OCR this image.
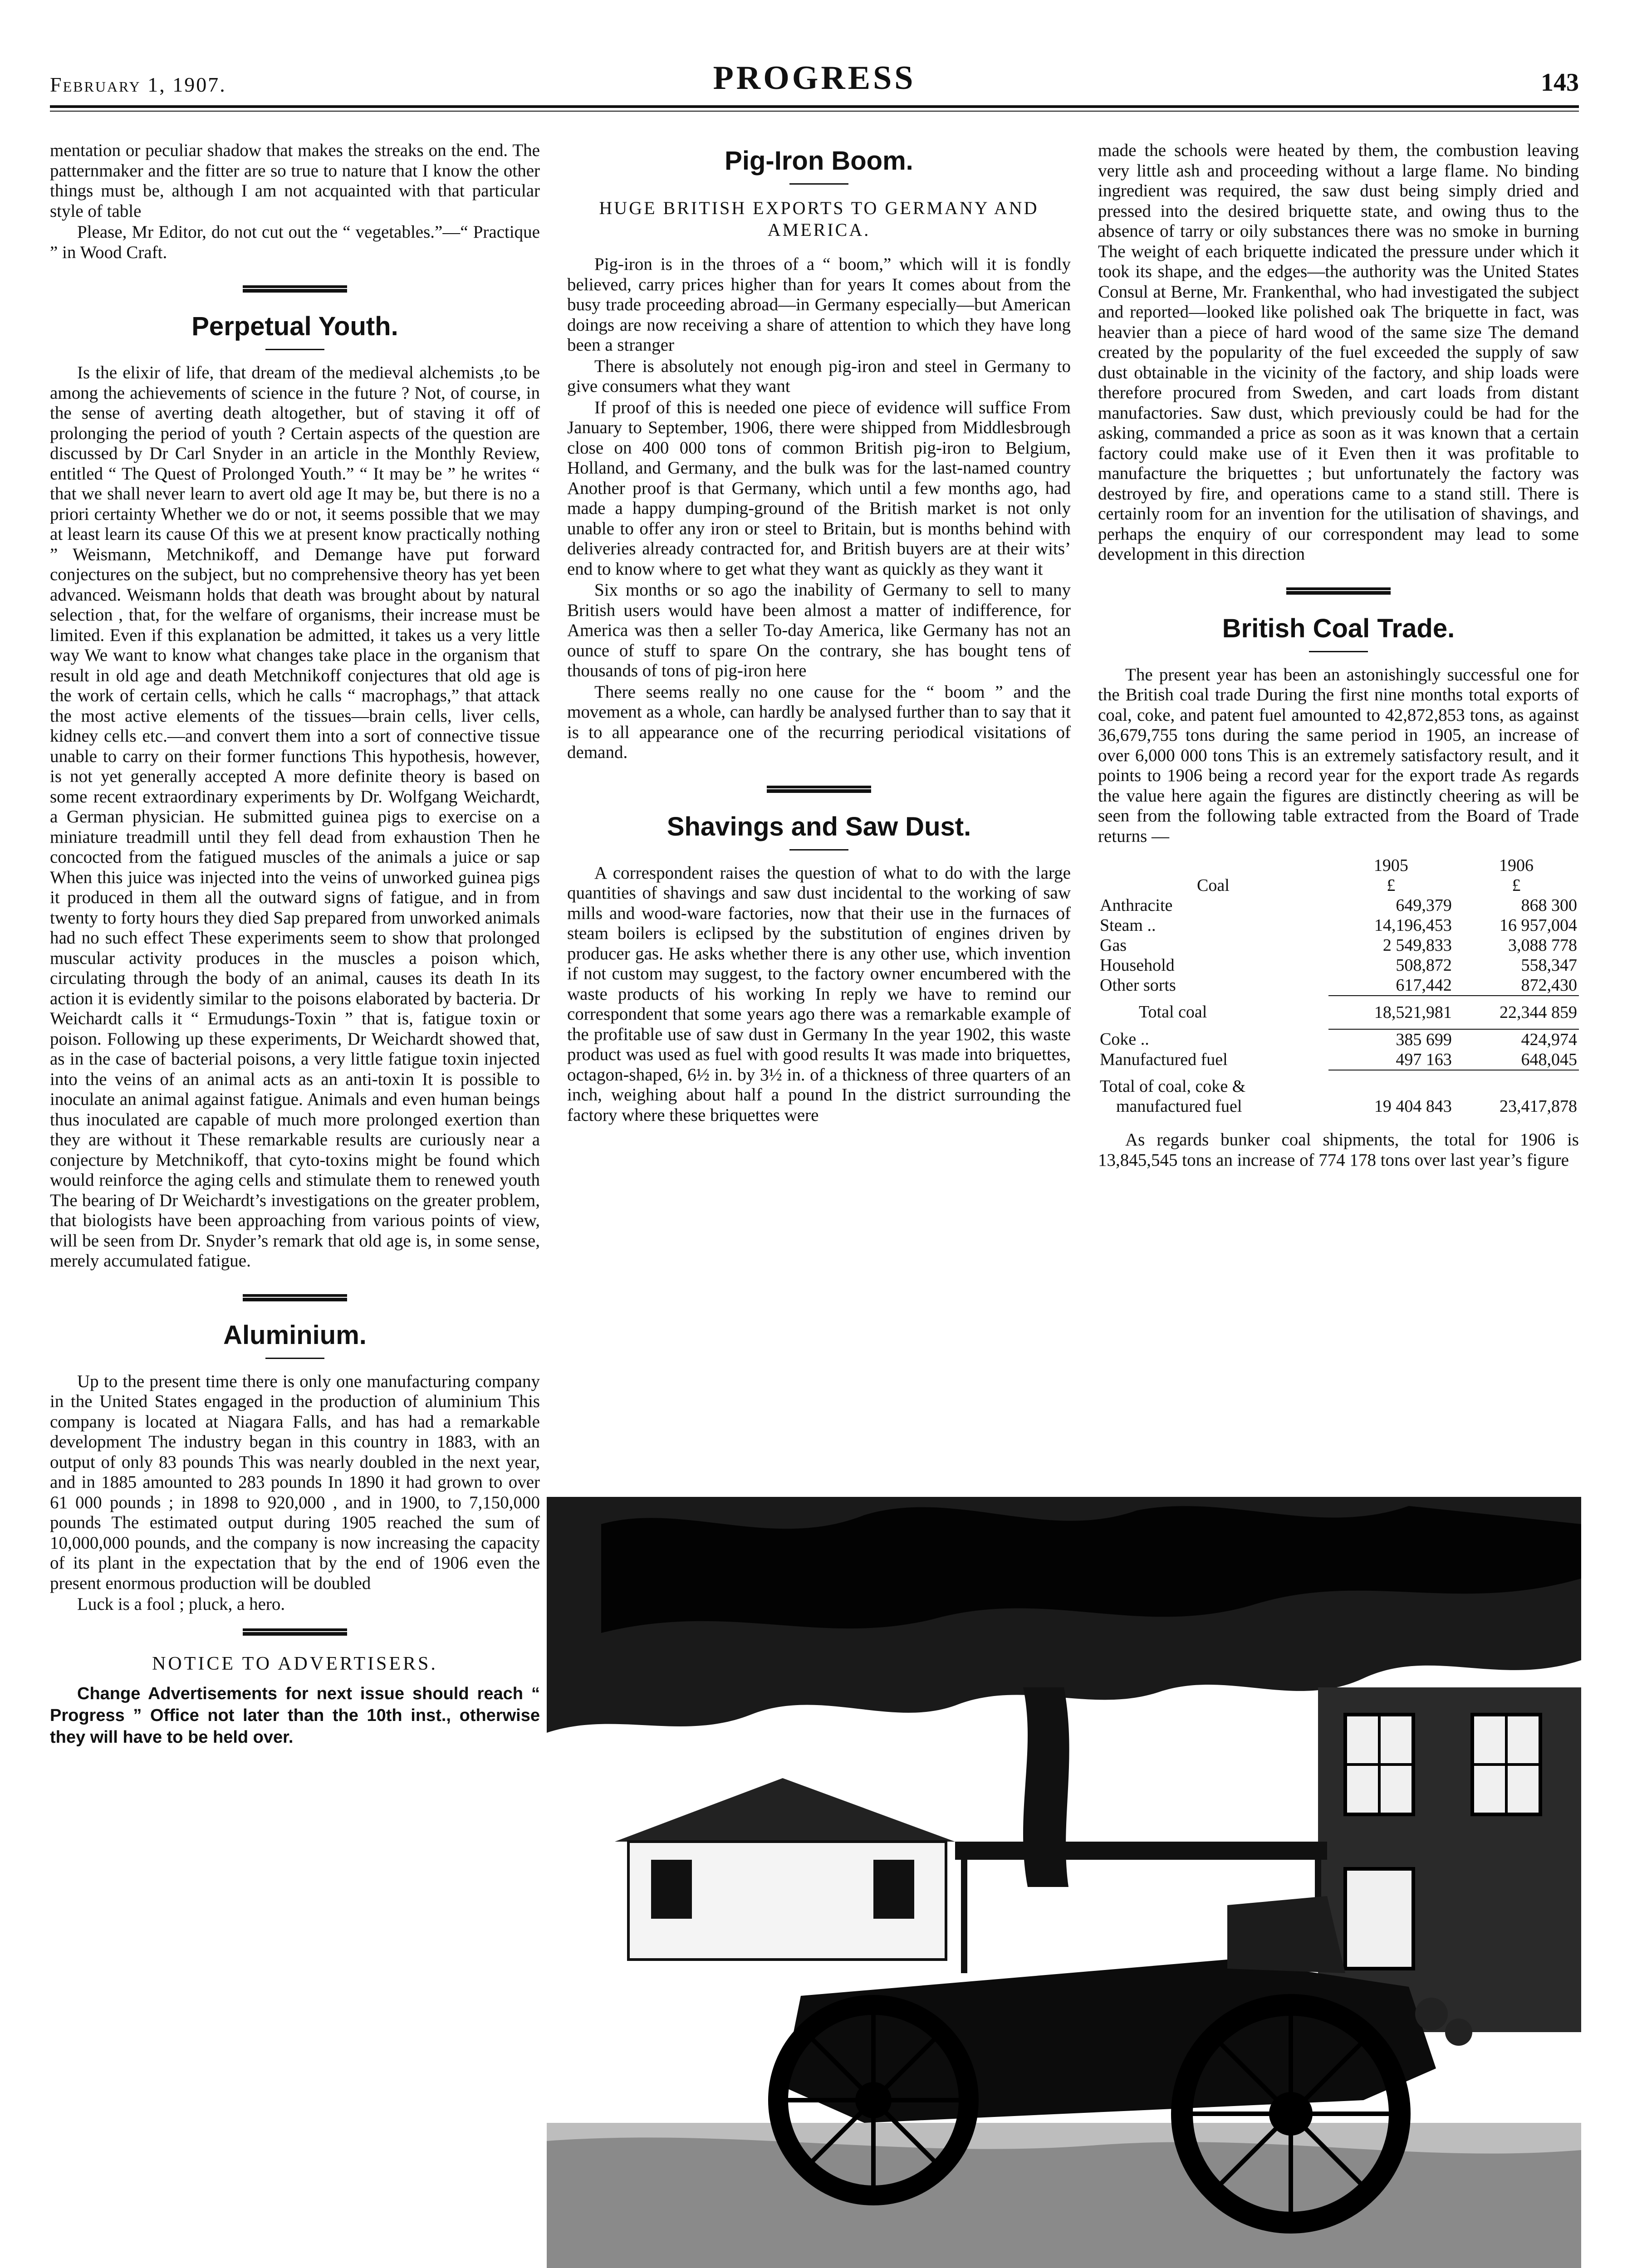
February 1, 1907.	PROGRESS	143

mentation or peculiar shadow that makes the streaks on the end. The patternmaker and the fitter are so true to nature that I know the other things must be, although I am not acquainted with that particular style of table

Please, Mr Editor, do not cut out the “ vegetables.”—“ Practique ” in Wood Craft.

Perpetual Youth.

Is the elixir of life, that dream of the medieval alchemists ,to be among the achievements of science in the future ? Not, of course, in the sense of averting death altogether, but of staving it off of prolonging the period of youth ? Certain aspects of the question are discussed by Dr Carl Snyder in an article in the Monthly Review, entitled “ The Quest of Prolonged Youth.” “ It may be ” he writes “ that we shall never learn to avert old age It may be, but there is no a priori certainty Whether we do or not, it seems possible that we may at least learn its cause Of this we at present know practically nothing ” Weismann, Metchnikoff, and Demange have put forward conjectures on the subject, but no comprehensive theory has yet been advanced. Weismann holds that death was brought about by natural selection , that, for the welfare of organisms, their increase must be limited. Even if this explanation be admitted, it takes us a very little way We want to know what changes take place in the organism that result in old age and death Metchnikoff conjectures that old age is the work of certain cells, which he calls “ macrophags,” that attack the most active elements of the tissues—brain cells, liver cells, kidney cells etc.—and convert them into a sort of connective tissue unable to carry on their former functions This hypothesis, however, is not yet generally accepted A more definite theory is based on some recent extraordinary experiments by Dr. Wolfgang Weichardt, a German physician. He submitted guinea pigs to exercise on a miniature treadmill until they fell dead from exhaustion Then he concocted from the fatigued muscles of the animals a juice or sap When this juice was injected into the veins of unworked guinea pigs it produced in them all the outward signs of fatigue, and in from twenty to forty hours they died Sap prepared from unworked animals had no such effect These experiments seem to show that prolonged muscular activity produces in the muscles a poison which, circulating through the body of an animal, causes its death In its action it is evidently similar to the poisons elaborated by bacteria. Dr Weichardt calls it “ Ermudungs-Toxin ” that is, fatigue toxin or poison. Following up these experiments, Dr Weichardt showed that, as in the case of bacterial poisons, a very little fatigue toxin injected into the veins of an animal acts as an anti-toxin It is possible to inoculate an animal against fatigue. Animals and even human beings thus inoculated are capable of much more prolonged exertion than they are without it These remarkable results are curiously near a conjecture by Metchnikoff, that cyto-toxins might be found which would reinforce the aging cells and stimulate them to renewed youth The bearing of Dr Weichardt’s investigations on the greater problem, that biologists have been approaching from various points of view, will be seen from Dr. Snyder’s remark that old age is, in some sense, merely accumulated fatigue.

Aluminium.

Up to the present time there is only one manufacturing company in the United States engaged in the production of aluminium This company is located at Niagara Falls, and has had a remarkable development The industry began in this country in 1883, with an output of only 83 pounds This was nearly doubled in the next year, and in 1885 amounted to 283 pounds In 1890 it had grown to over 61 000 pounds ; in 1898 to 920,000 , and in 1900, to 7,150,000 pounds The estimated output during 1905 reached the sum of 10,000,000 pounds, and the company is now increasing the capacity of its plant in the expectation that by the end of 1906 even the present enormous production will be doubled

Luck is a fool ; pluck, a hero.

NOTICE TO ADVERTISERS.

Change Advertisements for next issue should reach “ Progress ” Office not later than the 10th inst., otherwise they will have to be held over.

Pig-Iron Boom.
HUGE BRITISH EXPORTS TO GERMANY AND AMERICA.

Pig-iron is in the throes of a “ boom,” which will it is fondly believed, carry prices higher than for years It comes about from the busy trade proceeding abroad—in Germany especially—but American doings are now receiving a share of attention to which they have long been a stranger

There is absolutely not enough pig-iron and steel in Germany to give consumers what they want

If proof of this is needed one piece of evidence will suffice From January to September, 1906, there were shipped from Middlesbrough close on 400 000 tons of common British pig-iron to Belgium, Holland, and Germany, and the bulk was for the last-named country Another proof is that Germany, which until a few months ago, had made a happy dumping-ground of the British market is not only unable to offer any iron or steel to Britain, but is months behind with deliveries already contracted for, and British buyers are at their wits’ end to know where to get what they want as quickly as they want it

Six months or so ago the inability of Germany to sell to many British users would have been almost a matter of indifference, for America was then a seller To-day America, like Germany has not an ounce of stuff to spare On the contrary, she has bought tens of thousands of tons of pig-iron here

There seems really no one cause for the “ boom ” and the movement as a whole, can hardly be analysed further than to say that it is to all appearance one of the recurring periodical visitations of demand.

Shavings and Saw Dust.

A correspondent raises the question of what to do with the large quantities of shavings and saw dust incidental to the working of saw mills and wood-ware factories, now that their use in the furnaces of steam boilers is eclipsed by the substitution of engines driven by producer gas. He asks whether there is any other use, which invention if not custom may suggest, to the factory owner encumbered with the waste products of his working In reply we have to remind our correspondent that some years ago there was a remarkable example of the profitable use of saw dust in Germany In the year 1902, this waste product was used as fuel with good results It was made into briquettes, octagon-shaped, 6½ in. by 3½ in. of a thickness of three quarters of an inch, weighing about half a pound In the district surrounding the factory where these briquettes were

made the schools were heated by them, the combustion leaving very little ash and proceeding without a large flame. No binding ingredient was required, the saw dust being simply dried and pressed into the desired briquette state, and owing thus to the absence of tarry or oily substances there was no smoke in burning The weight of each briquette indicated the pressure under which it took its shape, and the edges—the authority was the United States Consul at Berne, Mr. Frankenthal, who had investigated the subject and reported—looked like polished oak The briquette in fact, was heavier than a piece of hard wood of the same size The demand created by the popularity of the fuel exceeded the supply of saw dust obtainable in the vicinity of the factory, and ship loads were therefore procured from Sweden, and cart loads from distant manufactories. Saw dust, which previously could be had for the asking, commanded a price as soon as it was known that a certain factory could make use of it Even then it was profitable to manufacture the briquettes ; but unfortunately the factory was destroyed by fire, and operations came to a stand still. There is certainly room for an invention for the utilisation of shavings, and perhaps the enquiry of our correspondent may lead to some development in this direction

British Coal Trade.

The present year has been an astonishingly successful one for the British coal trade During the first nine months total exports of coal, coke, and patent fuel amounted to 42,872,853 tons, as against 36,679,755 tons during the same period in 1905, an increase of over 6,000 000 tons This is an extremely satisfactory result, and it points to 1906 being a record year for the export trade As regards the value here again the figures are distinctly cheering as will be seen from the following table extracted from the Board of Trade returns —

	1905	1906
Coal	£	£
Anthracite	649,379	868 300
Steam ..	14,196,453	16 957,004
Gas	2 549,833	3,088 778
Household	508,872	558,347
Other sorts	617,442	872,430
Total coal	18,521,981	22,344 859
Coke ..	385 699	424,974
Manufactured fuel	497 163	648,045
Total of coal, coke &		
manufactured fuel	19 404 843	23,417,878

As regards bunker coal shipments, the total for 1906 is 13,845,545 tons an increase of 774 178 tons over last year’s figure
